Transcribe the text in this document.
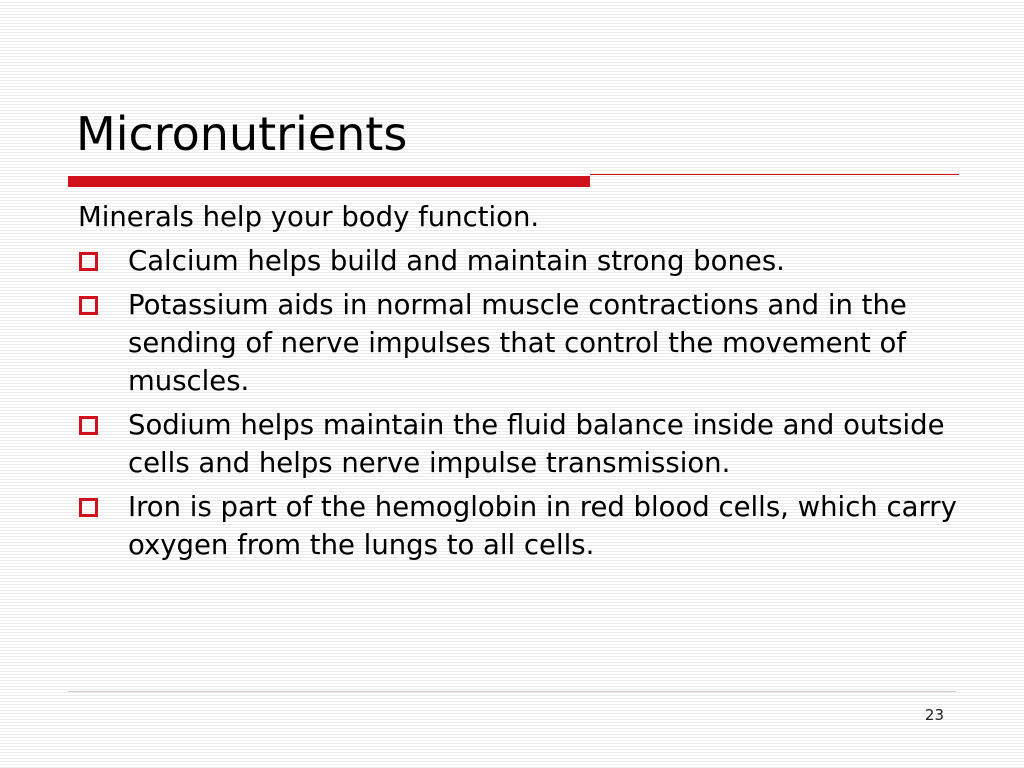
Micronutrients

Minerals help your body function.

Calcium helps build and maintain strong bones.
Potassium aids in normal muscle contractions and in the sending of nerve impulses that control the movement of muscles.
Sodium helps maintain the fluid balance inside and outside cells and helps nerve impulse transmission.
Iron is part of the hemoglobin in red blood cells, which carry oxygen from the lungs to all cells.
23
